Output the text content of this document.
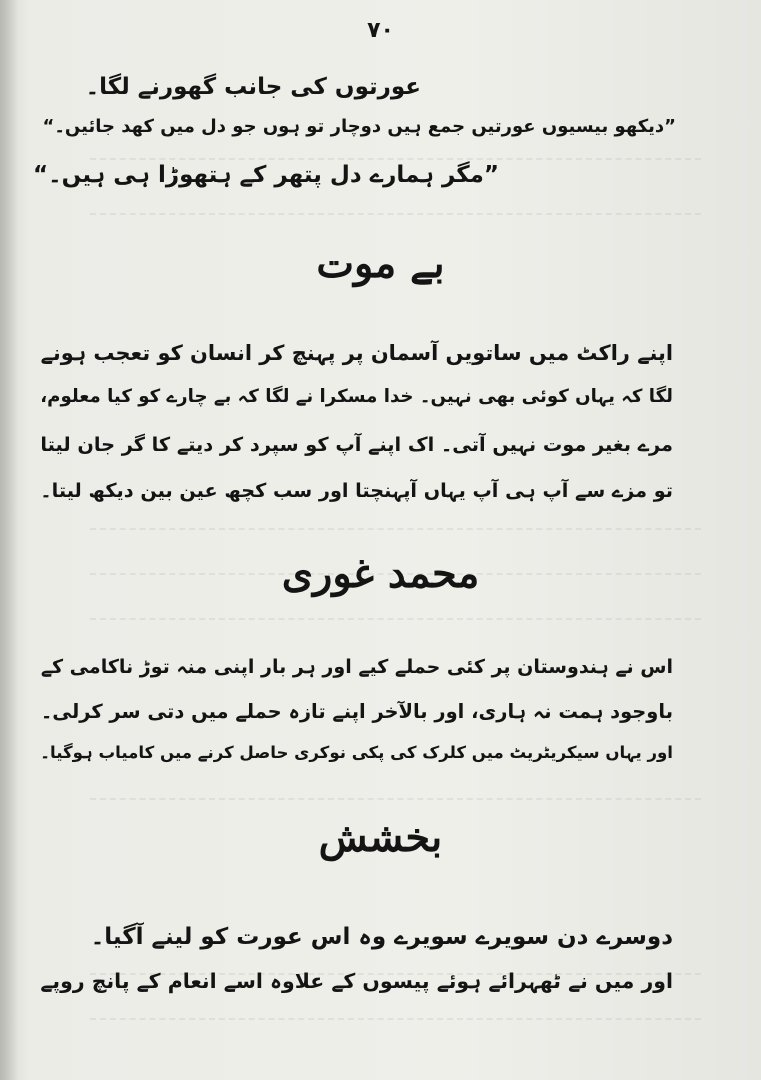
۷۰
عورتوں کی جانب گھورنے لگا۔
”دیکھو بیسیوں عورتیں جمع ہیں دوچار تو ہوں جو دل میں کھد جائیں۔“
”مگر ہمارے دل پتھر کے ہتھوڑا ہی ہیں۔“
بے موت
اپنے راکٹ میں ساتویں آسمان پر پہنچ کر انسان کو تعجب ہونے
لگا کہ یہاں کوئی بھی نہیں۔ خدا مسکرا نے لگا کہ بے چارے کو کیا معلوم،
مرے بغیر موت نہیں آتی۔ اک اپنے آپ کو سپرد کر دیتے کا گر جان لیتا
تو مزے سے آپ ہی آپ یہاں آپہنچتا اور سب کچھ عین بین دیکھ لیتا۔
محمد غوری
اس نے ہندوستان پر کئی حملے کیے اور ہر بار اپنی منہ توڑ ناکامی کے
باوجود ہمت نہ ہاری، اور بالآخر اپنے تازہ حملے میں دتی سر کرلی۔
اور یہاں سیکریٹریٹ میں کلرک کی پکی نوکری حاصل کرنے میں کامیاب ہوگیا۔
بخشش
دوسرے دن سویرے سویرے وہ اس عورت کو لینے آگیا۔
اور میں نے ٹھہرائے ہوئے پیسوں کے علاوہ اسے انعام کے پانچ روپے
